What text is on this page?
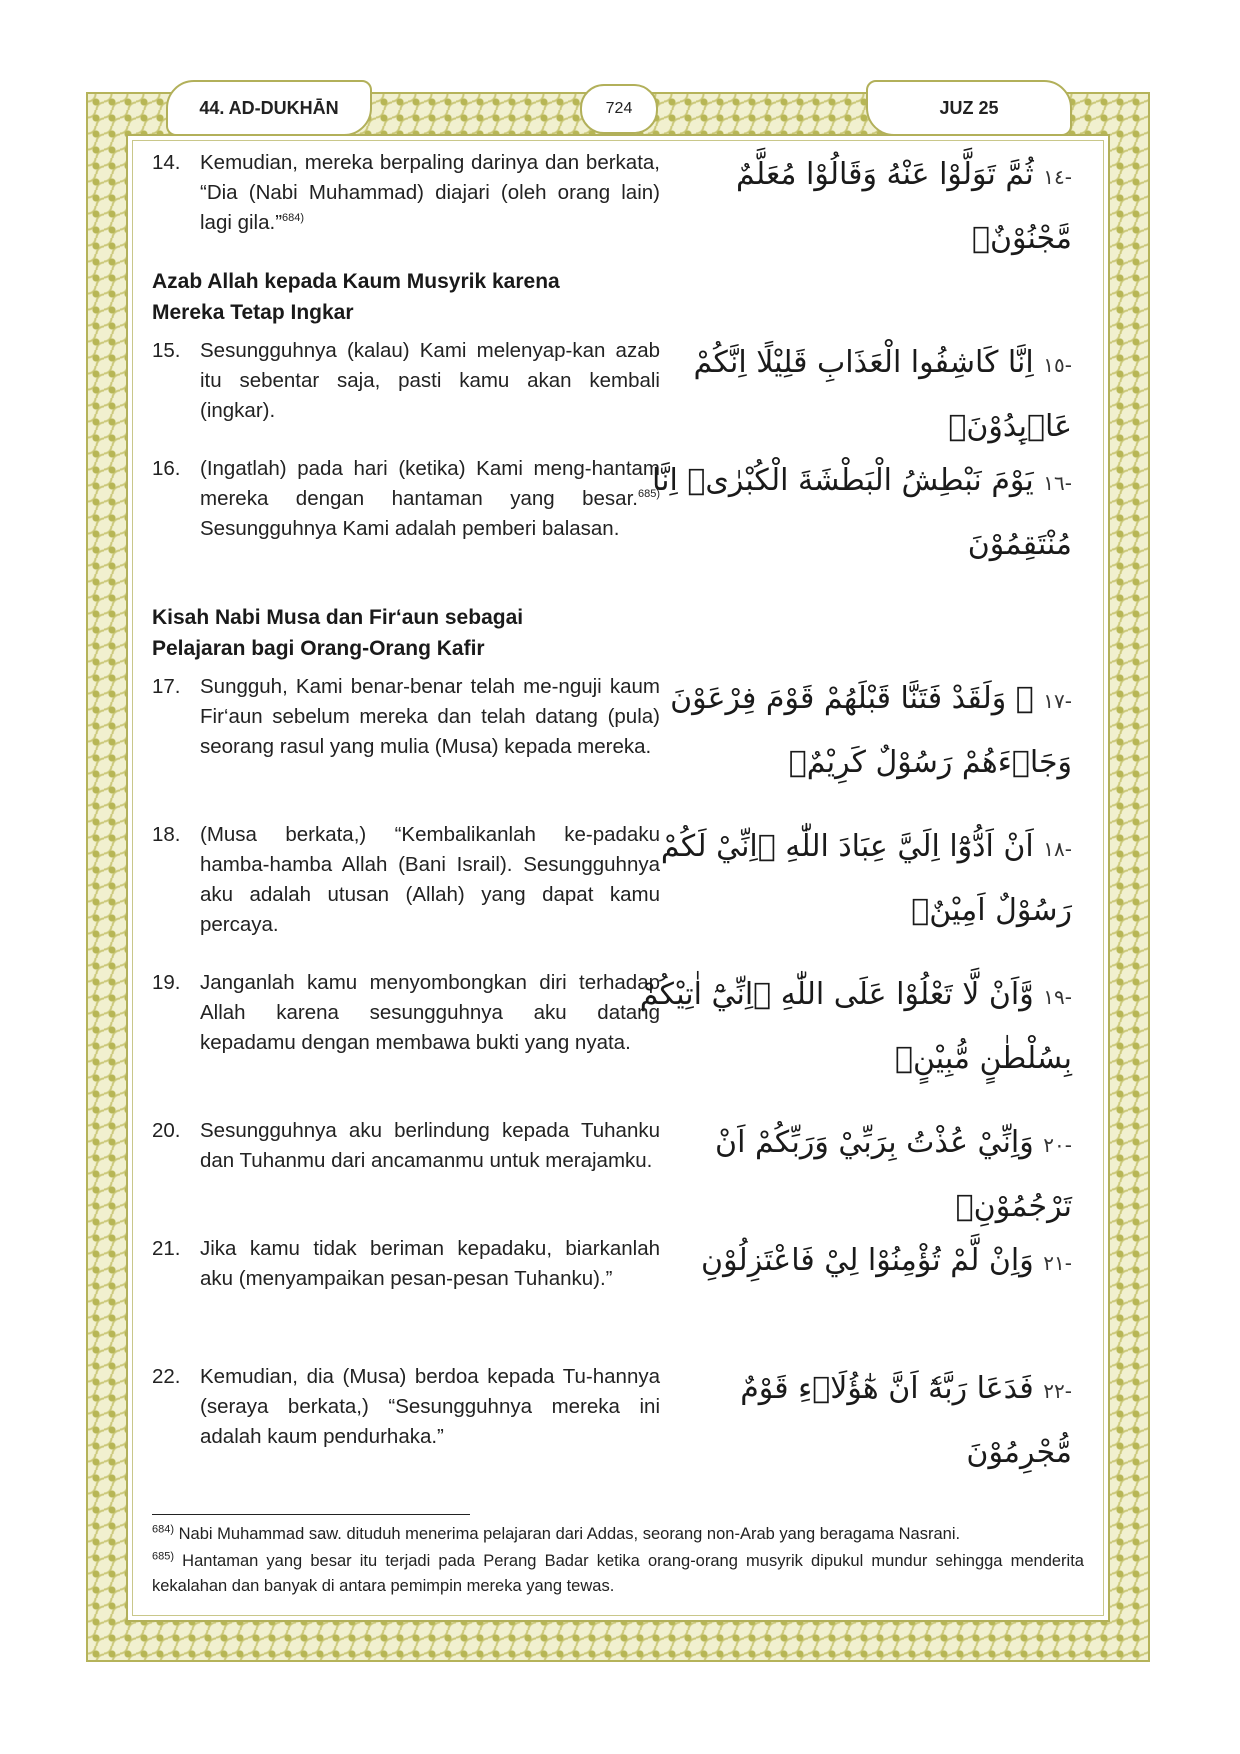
44. AD-DUKHĀN	724	JUZ 25
14. Kemudian, mereka berpaling darinya dan berkata, “Dia (Nabi Muhammad) diajari (oleh orang lain) lagi gila.”$^{684)}$
-١٤ ثُمَّ تَوَلَّوْا عَنْهُ وَقَالُوْا مُعَلَّمٌ مَّجْنُوْنٌۘ
Azab Allah kepada Kaum Musyrik karena Mereka Tetap Ingkar
15. Sesungguhnya (kalau) Kami melenyap-kan azab itu sebentar saja, pasti kamu akan kembali (ingkar).
-١٥ اِنَّا كَاشِفُوا الْعَذَابِ قَلِيْلًا اِنَّكُمْ عَاۤىِٕدُوْنَۘ
16. (Ingatlah) pada hari (ketika) Kami meng-hantam mereka dengan hantaman yang besar.$^{685)}$ Sesungguhnya Kami adalah pemberi balasan.
-١٦ يَوْمَ نَبْطِشُ الْبَطْشَةَ الْكُبْرٰىۚ اِنَّا مُنْتَقِمُوْنَ
Kisah Nabi Musa dan Fir‘aun sebagai Pelajaran bagi Orang-Orang Kafir
17. Sungguh, Kami benar-benar telah me-nguji kaum Fir‘aun sebelum mereka dan telah datang (pula) seorang rasul yang mulia (Musa) kepada mereka.
-١٧ ۞ وَلَقَدْ فَتَنَّا قَبْلَهُمْ قَوْمَ فِرْعَوْنَ وَجَاۤءَهُمْ رَسُوْلٌ كَرِيْمٌۙ
18. (Musa berkata,) “Kembalikanlah ke-padaku hamba-hamba Allah (Bani Israil). Sesungguhnya aku adalah utusan (Allah) yang dapat kamu percaya.
-١٨ اَنْ اَدُّوْٓا اِلَيَّ عِبَادَ اللّٰهِ ۗاِنِّيْ لَكُمْ رَسُوْلٌ اَمِيْنٌۙ
19. Janganlah kamu menyombongkan diri terhadap Allah karena sesungguhnya aku datang kepadamu dengan membawa bukti yang nyata.
-١٩ وَّاَنْ لَّا تَعْلُوْا عَلَى اللّٰهِ ۚاِنِّيْٓ اٰتِيْكُمْ بِسُلْطٰنٍ مُّبِيْنٍۚ
20. Sesungguhnya aku berlindung kepada Tuhanku dan Tuhanmu dari ancamanmu untuk merajamku.
-٢٠ وَاِنِّيْ عُذْتُ بِرَبِّيْ وَرَبِّكُمْ اَنْ تَرْجُمُوْنِۚ
21. Jika kamu tidak beriman kepadaku, biarkanlah aku (menyampaikan pesan-pesan Tuhanku).”
-٢١ وَاِنْ لَّمْ تُؤْمِنُوْا لِيْ فَاعْتَزِلُوْنِ
22. Kemudian, dia (Musa) berdoa kepada Tu-hannya (seraya berkata,) “Sesungguhnya mereka ini adalah kaum pendurhaka.”
-٢٢ فَدَعَا رَبَّهٗٓ اَنَّ هٰٓؤُلَاۤءِ قَوْمٌ مُّجْرِمُوْنَ

$^{684)}$ Nabi Muhammad saw. dituduh menerima pelajaran dari Addas, seorang non-Arab yang beragama Nasrani.

$^{685)}$ Hantaman yang besar itu terjadi pada Perang Badar ketika orang-orang musyrik dipukul mundur sehingga menderita kekalahan dan banyak di antara pemimpin mereka yang tewas.
